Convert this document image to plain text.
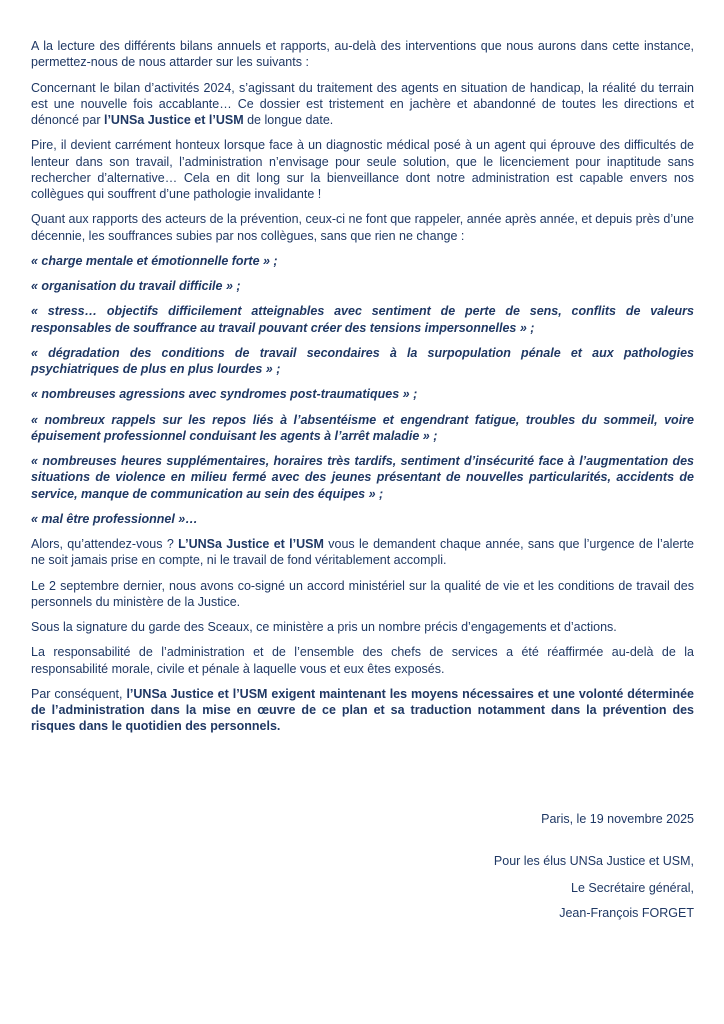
A la lecture des différents bilans annuels et rapports, au-delà des interventions que nous aurons dans cette instance, permettez-nous de nous attarder sur les suivants :

Concernant le bilan d’activités 2024, s’agissant du traitement des agents en situation de handicap, la réalité du terrain est une nouvelle fois accablante… Ce dossier est tristement en jachère et abandonné de toutes les directions et dénoncé par l’UNSa Justice et l’USM de longue date.

Pire, il devient carrément honteux lorsque face à un diagnostic médical posé à un agent qui éprouve des difficultés de lenteur dans son travail, l’administration n’envisage pour seule solution, que le licenciement pour inaptitude sans rechercher d’alternative… Cela en dit long sur la bienveillance dont notre administration est capable envers nos collègues qui souffrent d’une pathologie invalidante !

Quant aux rapports des acteurs de la prévention, ceux-ci ne font que rappeler, année après année, et depuis près d’une décennie, les souffrances subies par nos collègues, sans que rien ne change :

« charge mentale et émotionnelle forte » ;

« organisation du travail difficile » ;

« stress… objectifs difficilement atteignables avec sentiment de perte de sens, conflits de valeurs responsables de souffrance au travail pouvant créer des tensions impersonnelles » ;

« dégradation des conditions de travail secondaires à la surpopulation pénale et aux pathologies psychiatriques de plus en plus lourdes » ;

« nombreuses agressions avec syndromes post-traumatiques » ;

« nombreux rappels sur les repos liés à l’absentéisme et engendrant fatigue, troubles du sommeil, voire épuisement professionnel conduisant les agents à l’arrêt maladie » ;

« nombreuses heures supplémentaires, horaires très tardifs, sentiment d’insécurité face à l’augmentation des situations de violence en milieu fermé avec des jeunes présentant de nouvelles particularités, accidents de service, manque de communication au sein des équipes » ;

« mal être professionnel »…

Alors, qu’attendez-vous ? L’UNSa Justice et l’USM vous le demandent chaque année, sans que l’urgence de l’alerte ne soit jamais prise en compte, ni le travail de fond véritablement accompli.

Le 2 septembre dernier, nous avons co-signé un accord ministériel sur la qualité de vie et les conditions de travail des personnels du ministère de la Justice.

Sous la signature du garde des Sceaux, ce ministère a pris un nombre précis d’engagements et d’actions.

La responsabilité de l’administration et de l’ensemble des chefs de services a été réaffirmée au-delà de la responsabilité morale, civile et pénale à laquelle vous et eux êtes exposés.

Par conséquent, l’UNSa Justice et l’USM exigent maintenant les moyens nécessaires et une volonté déterminée de l’administration dans la mise en œuvre de ce plan et sa traduction notamment dans la prévention des risques dans le quotidien des personnels.

Paris, le 19 novembre 2025

Pour les élus UNSa Justice et USM,

Le Secrétaire général,

Jean-François FORGET
